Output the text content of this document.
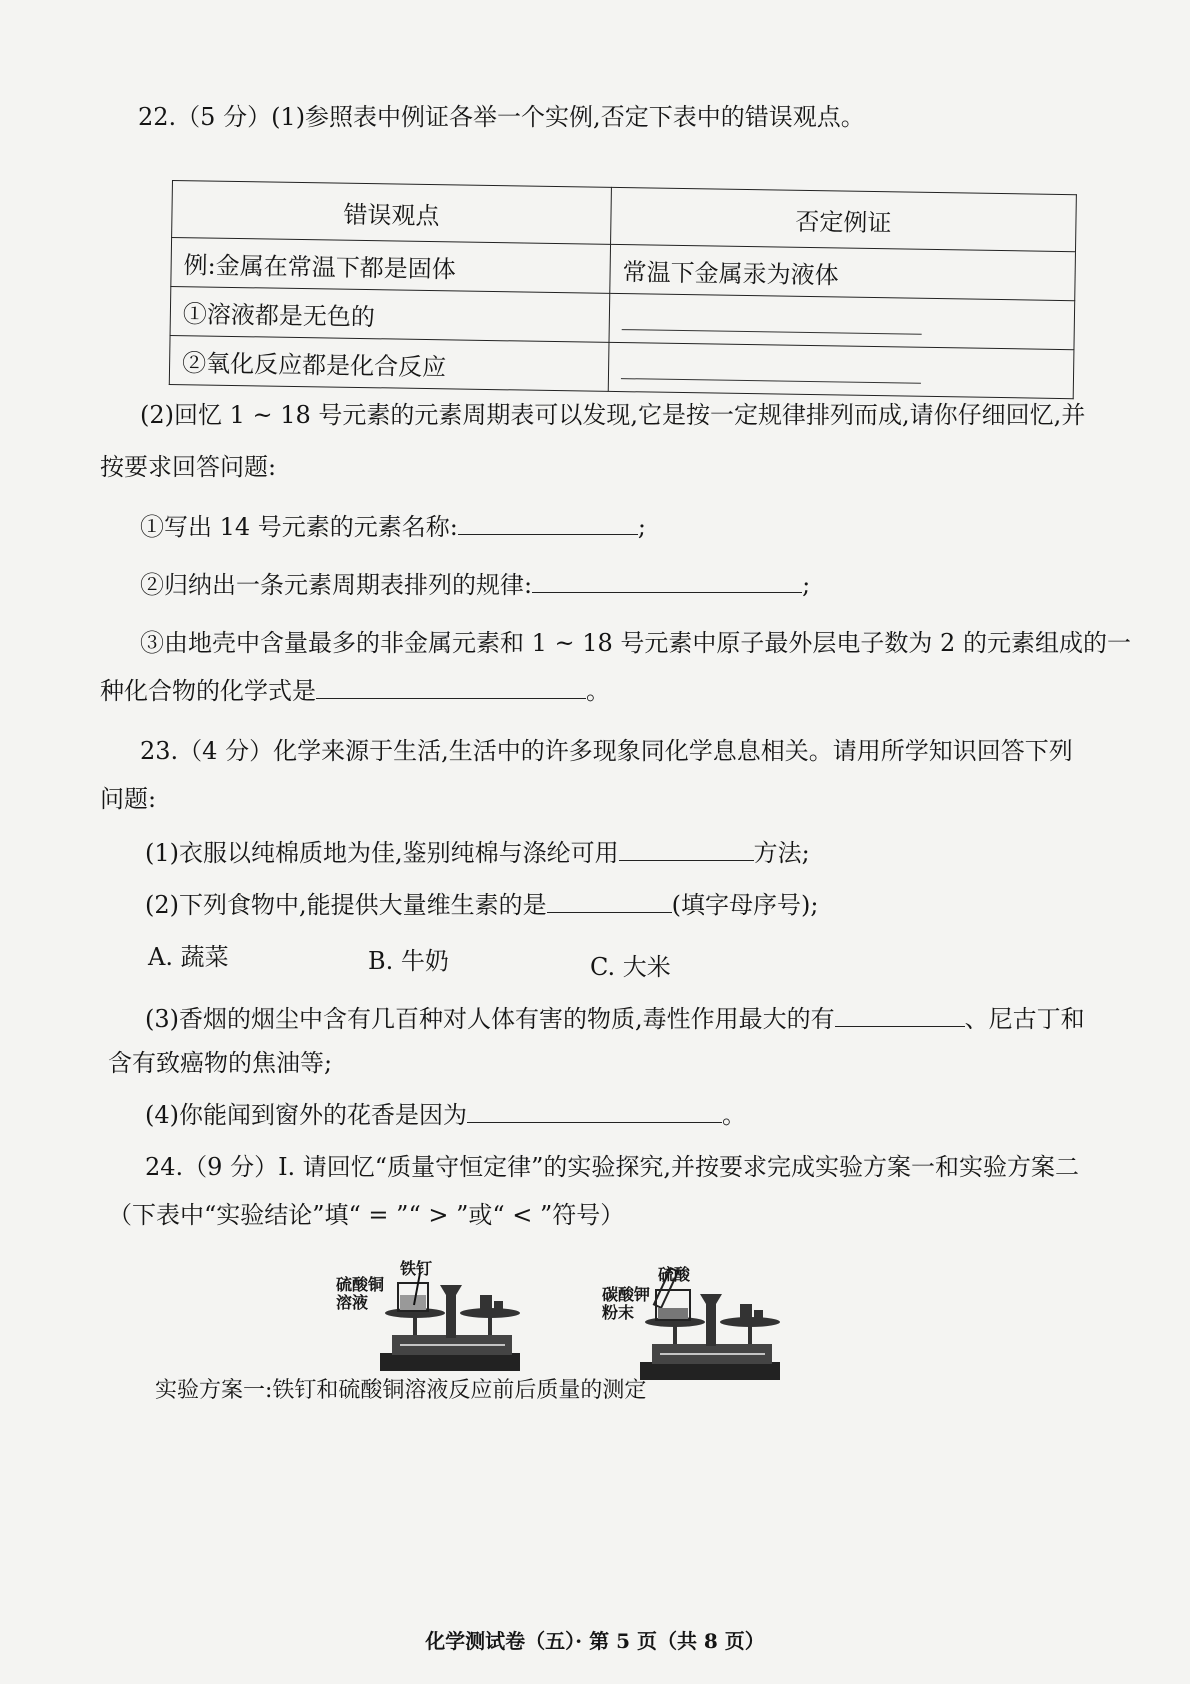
22.（5 分）(1)参照表中例证各举一个实例,否定下表中的错误观点。
错误观点	否定例证
例:金属在常温下都是固体	常温下金属汞为液体
①溶液都是无色的	

②氧化反应都是化合反应	
(2)回忆 1 ~ 18 号元素的元素周期表可以发现,它是按一定规律排列而成,请你仔细回忆,并
按要求回答问题:
①写出 14 号元素的元素名称:	;
②归纳出一条元素周期表排列的规律:	;
③由地壳中含量最多的非金属元素和 1 ~ 18 号元素中原子最外层电子数为 2 的元素组成的一
种化合物的化学式是	。
23.（4 分）化学来源于生活,生活中的许多现象同化学息息相关。请用所学知识回答下列
问题:
(1)衣服以纯棉质地为佳,鉴别纯棉与涤纶可用	方法;
(2)下列食物中,能提供大量维生素的是	(填字母序号);
A. 蔬菜	B. 牛奶	C. 大米
(3)香烟的烟尘中含有几百种对人体有害的物质,毒性作用最大的有	、尼古丁和
含有致癌物的焦油等;
(4)你能闻到窗外的花香是因为	。
24.（9 分）I. 请回忆“质量守恒定律”的实验探究,并按要求完成实验方案一和实验方案二
（下表中“实验结论”填“ = ”“ > ”或“ < ”符号）
铁钉
硫酸铜
溶液
硫酸
碳酸钾
粉末
实验方案一:铁钉和硫酸铜溶液反应前后质量的测定
化学测试卷（五）· 第 5 页（共 8 页）
